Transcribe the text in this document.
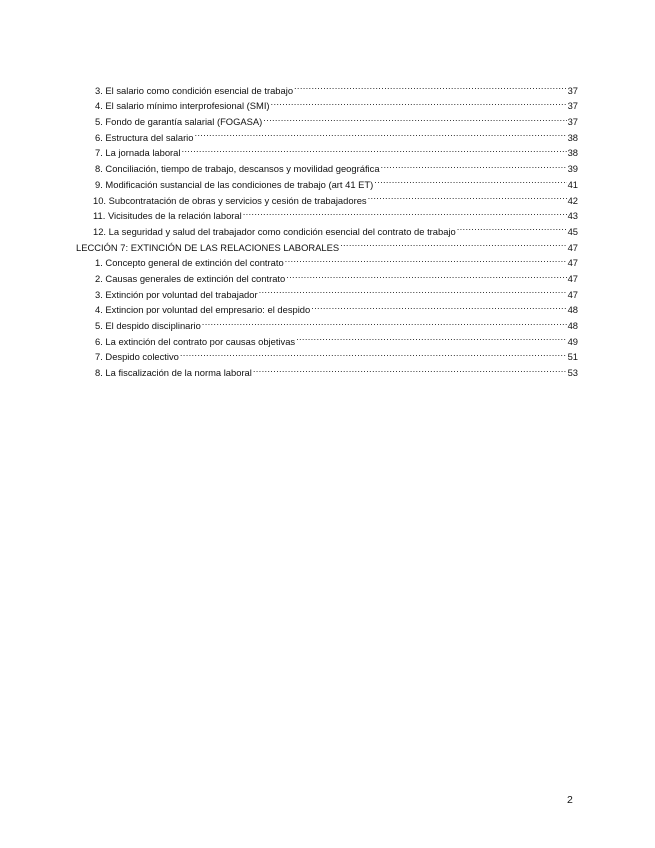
3. El salario como condición esencial de trabajo .....	37
4. El salario mínimo interprofesional (SMI) .....	37
5. Fondo de garantía salarial (FOGASA) .....	37
6. Estructura del salario .....	38
7. La jornada laboral .....	38
8. Conciliación, tiempo de trabajo, descansos y movilidad geográfica .....	39
9. Modificación sustancial de las condiciones de trabajo (art 41 ET) .....	41
10. Subcontratación de obras y servicios y cesión de trabajadores .....	42
11. Vicisitudes de la relación laboral .....	43
12. La seguridad y salud del trabajador como condición esencial del contrato de trabajo .....	45
LECCIÓN 7: EXTINCIÓN DE LAS RELACIONES LABORALES .....	47
1. Concepto general de extinción del contrato .....	47
2. Causas generales de extinción del contrato .....	47
3. Extinción por voluntad del trabajador .....	47
4. Extincion por voluntad del empresario: el despido .....	48
5. El despido disciplinario .....	48
6. La extinción del contrato por causas objetivas .....	49
7. Despido colectivo .....	51
8. La fiscalización de la norma laboral .....	53
2
